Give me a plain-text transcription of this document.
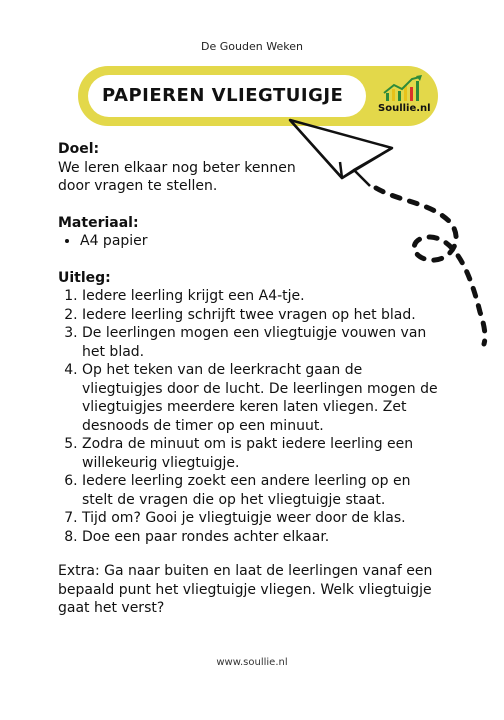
De Gouden Weken
PAPIEREN VLIEGTUIGJE
Soullie.nl

Doel:

We leren elkaar nog beter kennen door vragen te stellen.

Materiaal:

• A4 papier

Uitleg:

1. Iedere leerling krijgt een A4-tje.
2. Iedere leerling schrijft twee vragen op het blad.
3. De leerlingen mogen een vliegtuigje vouwen van het blad.
4. Op het teken van de leerkracht gaan de vliegtuigjes door de lucht. De leerlingen mogen de vliegtuigjes meerdere keren laten vliegen. Zet desnoods de timer op een minuut.
5. Zodra de minuut om is pakt iedere leerling een willekeurig vliegtuigje.
6. Iedere leerling zoekt een andere leerling op en stelt de vragen die op het vliegtuigje staat.
7. Tijd om? Gooi je vliegtuigje weer door de klas.
8. Doe een paar rondes achter elkaar.

Extra: Ga naar buiten en laat de leerlingen vanaf een bepaald punt het vliegtuigje vliegen. Welk vliegtuigje gaat het verst?

www.soullie.nl
